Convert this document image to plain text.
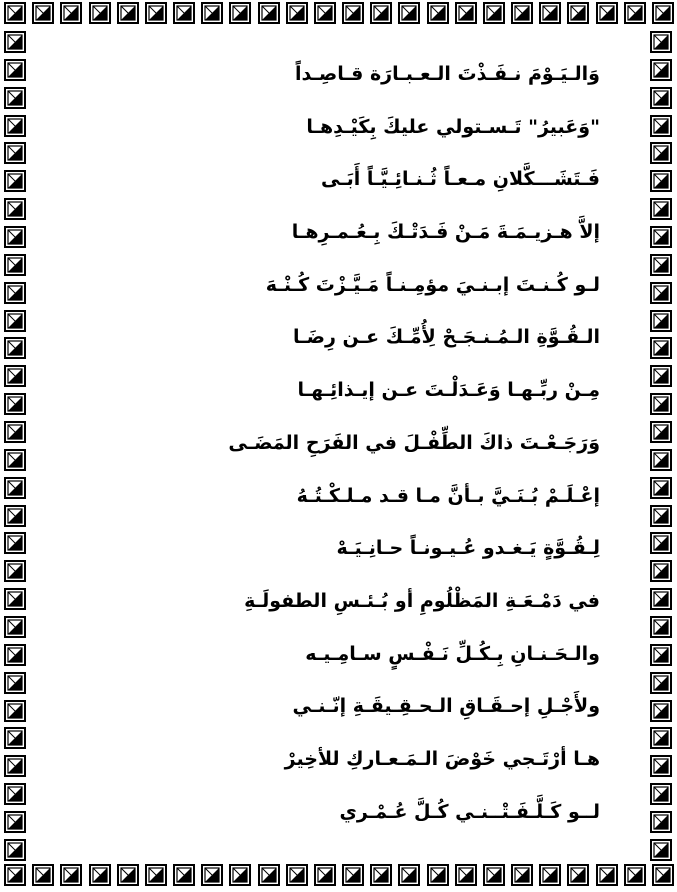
وَالـيَـوْمَ نـفَـذْتَ الـعـبـارَة قـاصِـداً
"وَعَبيرُ" تَـسـتولي عليكَ بِكَيْـدِهـا
فَـتَشَـــكَّلانِ مـعـاً ثُـنـائِـيَّـاً أَبَـى
إلاَّ هـزيـمَـةَ مَـنْ فَـدَتْـكَ بِـعُـمـرِهـا
لـو كُـنـتَ إبـنـيَ مؤمِـنـاً مَـيَّـزْتَ كُـنْـهَ
الـقُـوَّةِ الـمُـنـجَـحْ لِأُمِّـكَ عـن رِضَـا
مِـنْ ربِّـهـا وَعَـدَلْـتَ عـن إيـذائِـهـا
وَرَجَـعْـتَ ذاكَ الطِّفْـلَ في الفَرَحِ المَضَـى
إعْـلَـمْ بُـنَـيَّ بـأنَّ مـا قـد مـلـكْـتُـهُ
لِـقُـوَّةٍ يَـغـدو عُـيـونـاً حـانِـيَـهْ
في دَمْـعَـةِ المَظْلُومِ أو بُـئـسِ الطفولَـةِ
والـحَـنـانِ بِـكُـلِّ نَـفْـسٍ سـامِـيـه
ولأَجْـلِ إحـقَـاقِ الـحـقِـيقَـةِ إنّـنـي
هـا أرْتَـجي خَوْضَ الـمَـعـاركِ للأخِيرْ
لــو كَـلَّـفَـتْــنـي كُـلَّ عُـمْـري
